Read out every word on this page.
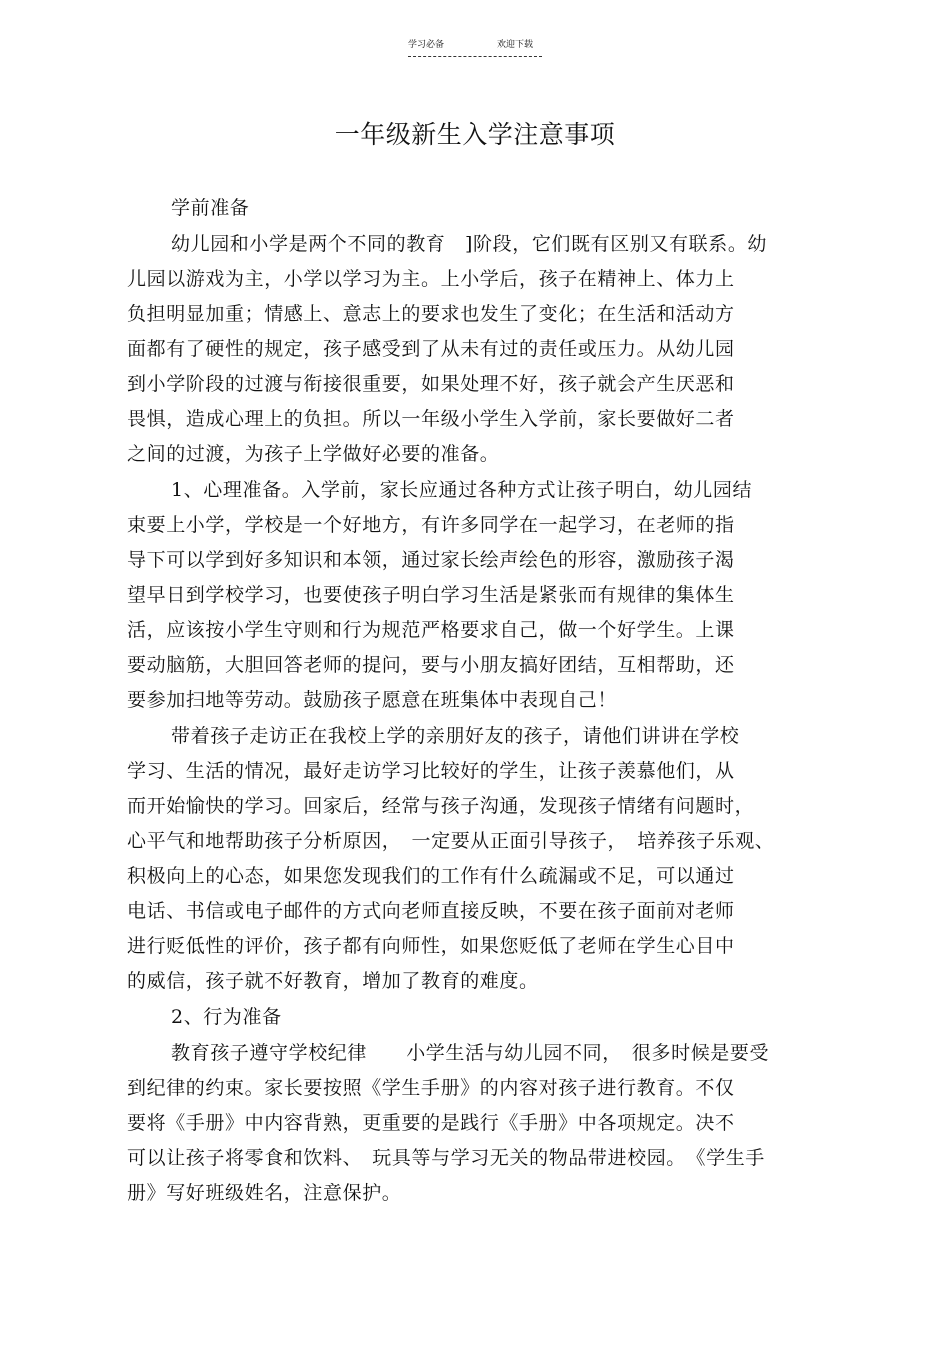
学习必备	欢迎下载
一年级新生入学注意事项
学前准备
幼儿园和小学是两个不同的教育　]阶段，它们既有区别又有联系。幼
儿园以游戏为主，小学以学习为主。上小学后，孩子在精神上、体力上
负担明显加重；情感上、意志上的要求也发生了变化；在生活和活动方
面都有了硬性的规定，孩子感受到了从未有过的责任或压力。从幼儿园
到小学阶段的过渡与衔接很重要，如果处理不好，孩子就会产生厌恶和
畏惧，造成心理上的负担。所以一年级小学生入学前，家长要做好二者
之间的过渡，为孩子上学做好必要的准备。
1、心理准备。入学前，家长应通过各种方式让孩子明白，幼儿园结
束要上小学，学校是一个好地方，有许多同学在一起学习，在老师的指
导下可以学到好多知识和本领，通过家长绘声绘色的形容，激励孩子渴
望早日到学校学习，也要使孩子明白学习生活是紧张而有规律的集体生
活，应该按小学生守则和行为规范严格要求自己，做一个好学生。上课
要动脑筋，大胆回答老师的提问，要与小朋友搞好团结，互相帮助，还
要参加扫地等劳动。鼓励孩子愿意在班集体中表现自己！
带着孩子走访正在我校上学的亲朋好友的孩子，请他们讲讲在学校
学习、生活的情况，最好走访学习比较好的学生，让孩子羡慕他们，从
而开始愉快的学习。回家后，经常与孩子沟通，发现孩子情绪有问题时，
心平气和地帮助孩子分析原因，　一定要从正面引导孩子，　培养孩子乐观、
积极向上的心态，如果您发现我们的工作有什么疏漏或不足，可以通过
电话、书信或电子邮件的方式向老师直接反映，不要在孩子面前对老师
进行贬低性的评价，孩子都有向师性，如果您贬低了老师在学生心目中
的威信，孩子就不好教育，增加了教育的难度。
2、行为准备
教育孩子遵守学校纪律　　小学生活与幼儿园不同，　很多时候是要受
到纪律的约束。家长要按照《学生手册》的内容对孩子进行教育。不仅
要将《手册》中内容背熟，更重要的是践行《手册》中各项规定。决不
可以让孩子将零食和饮料、　玩具等与学习无关的物品带进校园。　《学生手
册》写好班级姓名，注意保护。
